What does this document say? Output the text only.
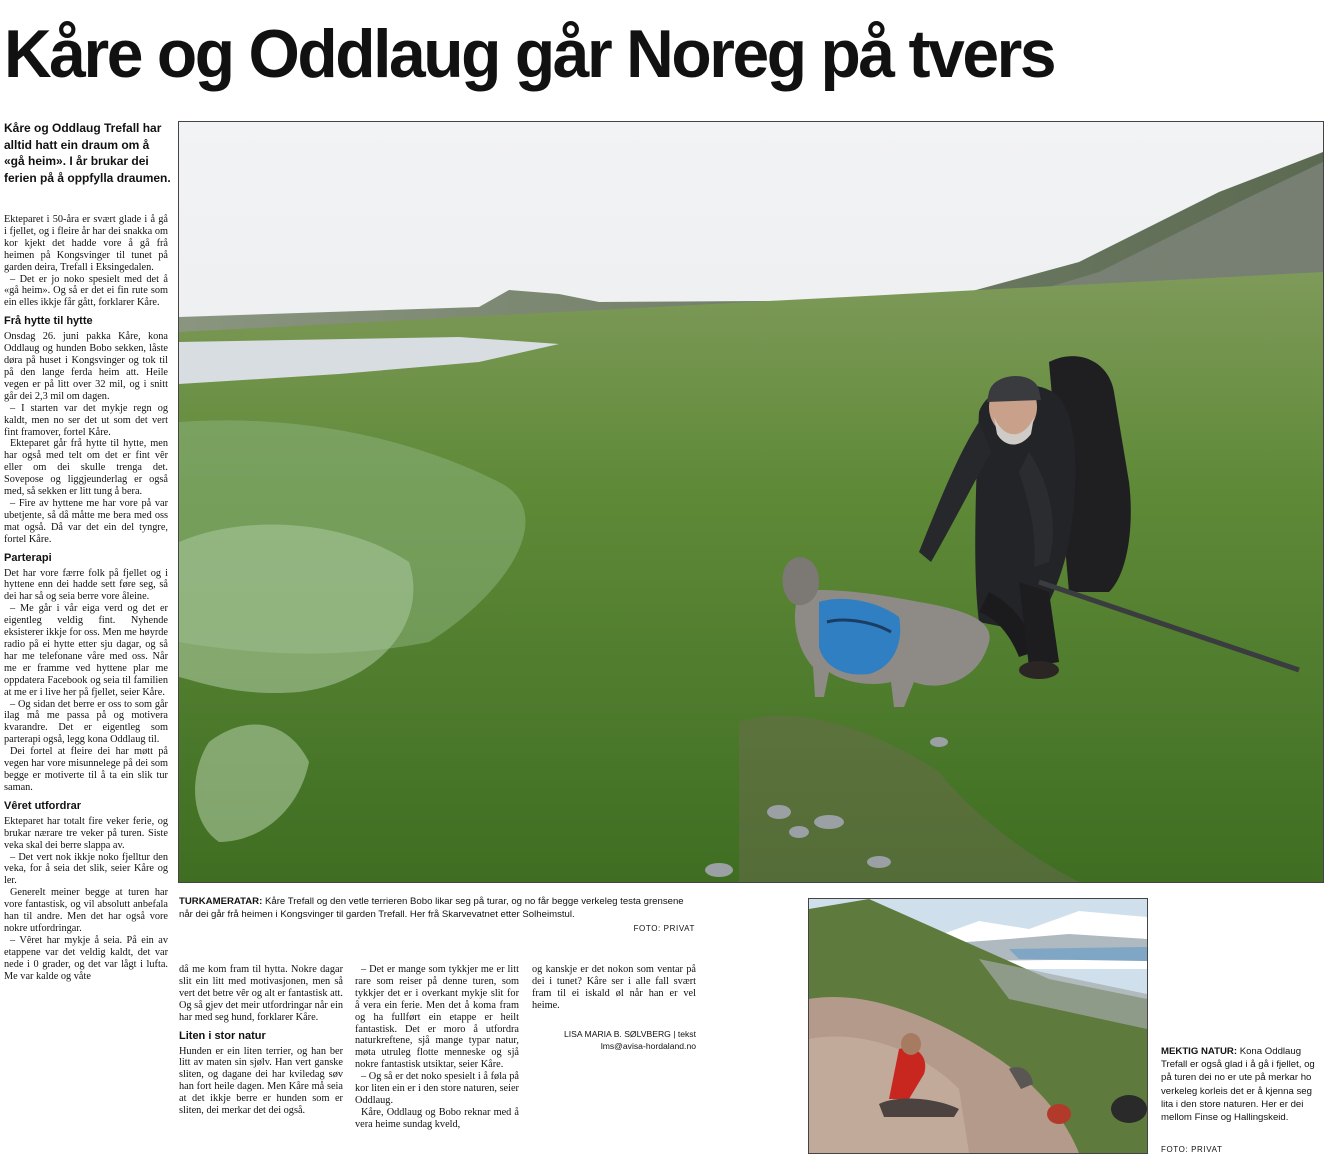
Kåre og Oddlaug går Noreg på tvers

Kåre og Oddlaug Trefall har alltid hatt ein draum om å «gå heim». I år brukar dei ferien på å oppfylla draumen.

Ekteparet i 50-åra er svært glade i å gå i fjellet, og i fleire år har dei snakka om kor kjekt det hadde vore å gå frå heimen på Kongsvinger til tunet på garden deira, Trefall i Eksingedalen.

– Det er jo noko spesielt med det å «gå heim». Og så er det ei fin rute som ein elles ikkje får gått, forklarer Kåre.

Frå hytte til hytte

Onsdag 26. juni pakka Kåre, kona Oddlaug og hunden Bobo sekken, låste døra på huset i Kongsvinger og tok til på den lange ferda heim att. Heile vegen er på litt over 32 mil, og i snitt går dei 2,3 mil om dagen.

– I starten var det mykje regn og kaldt, men no ser det ut som det vert fint framover, fortel Kåre.

Ekteparet går frå hytte til hytte, men har også med telt om det er fint vêr eller om dei skulle trenga det. Sovepose og liggjeunderlag er også med, så sekken er litt tung å bera.

– Fire av hyttene me har vore på var ubetjente, så då måtte me bera med oss mat også. Då var det ein del tyngre, fortel Kåre.

Parterapi

Det har vore færre folk på fjellet og i hyttene enn dei hadde sett føre seg, så dei har så og seia berre vore åleine.

– Me går i vår eiga verd og det er eigentleg veldig fint. Nyhende eksisterer ikkje for oss. Men me høyrde radio på ei hytte etter sju dagar, og så har me telefonane våre med oss. Når me er framme ved hyttene plar me oppdatera Facebook og seia til familien at me er i live her på fjellet, seier Kåre.

– Og sidan det berre er oss to som går ilag må me passa på og motivera kvarandre. Det er eigentleg som parterapi også, legg kona Oddlaug til.

Dei fortel at fleire dei har møtt på vegen har vore misunnelege på dei som begge er motiverte til å ta ein slik tur saman.

Vêret utfordrar

Ekteparet har totalt fire veker ferie, og brukar nærare tre veker på turen. Siste veka skal dei berre slappa av.

– Det vert nok ikkje noko fjelltur den veka, for å seia det slik, seier Kåre og ler.

Generelt meiner begge at turen har vore fantastisk, og vil absolutt anbefala han til andre. Men det har også vore nokre utfordringar.

– Vêret har mykje å seia. På ein av etappene var det veldig kaldt, det var nede i 0 grader, og det var lågt i lufta. Me var kalde og våte

då me kom fram til hytta. Nokre dagar slit ein litt med motivasjonen, men så vert det betre vêr og alt er fantastisk att. Og så gjev det meir utfordringar når ein har med seg hund, forklarer Kåre.

Liten i stor natur

Hunden er ein liten terrier, og han ber litt av maten sin sjølv. Han vert ganske sliten, og dagane dei har kviledag søv han fort heile dagen. Men Kåre må seia at det ikkje berre er hunden som er sliten, dei merkar det dei også.

– Det er mange som tykkjer me er litt rare som reiser på denne turen, som tykkjer det er i overkant mykje slit for å vera ein ferie. Men det å koma fram og ha fullført ein etappe er heilt fantastisk. Det er moro å utfordra naturkreftene, sjå mange typar natur, møta utruleg flotte menneske og sjå nokre fantastisk utsiktar, seier Kåre.

– Og så er det noko spesielt i å føla på kor liten ein er i den store naturen, seier Oddlaug.

Kåre, Oddlaug og Bobo reknar med å vera heime sundag kveld,

og kanskje er det nokon som ventar på dei i tunet? Kåre ser i alle fall svært fram til ei iskald øl når han er vel heime.

LISA MARIA B. SØLVBERG | tekst
lms@avisa-hordaland.no
TURKAMERATAR: Kåre Trefall og den vetle terrieren Bobo likar seg på turar, og no får begge verkeleg testa grensene når dei går frå heimen i Kongsvinger til garden Trefall. Her frå Skarvevatnet etter Solheimstul.
FOTO: PRIVAT
MEKTIG NATUR: Kona Oddlaug Trefall er også glad i å gå i fjellet, og på turen dei no er ute på merkar ho verkeleg korleis det er å kjenna seg lita i den store naturen. Her er dei mellom Finse og Hallingskeid.
FOTO: PRIVAT
